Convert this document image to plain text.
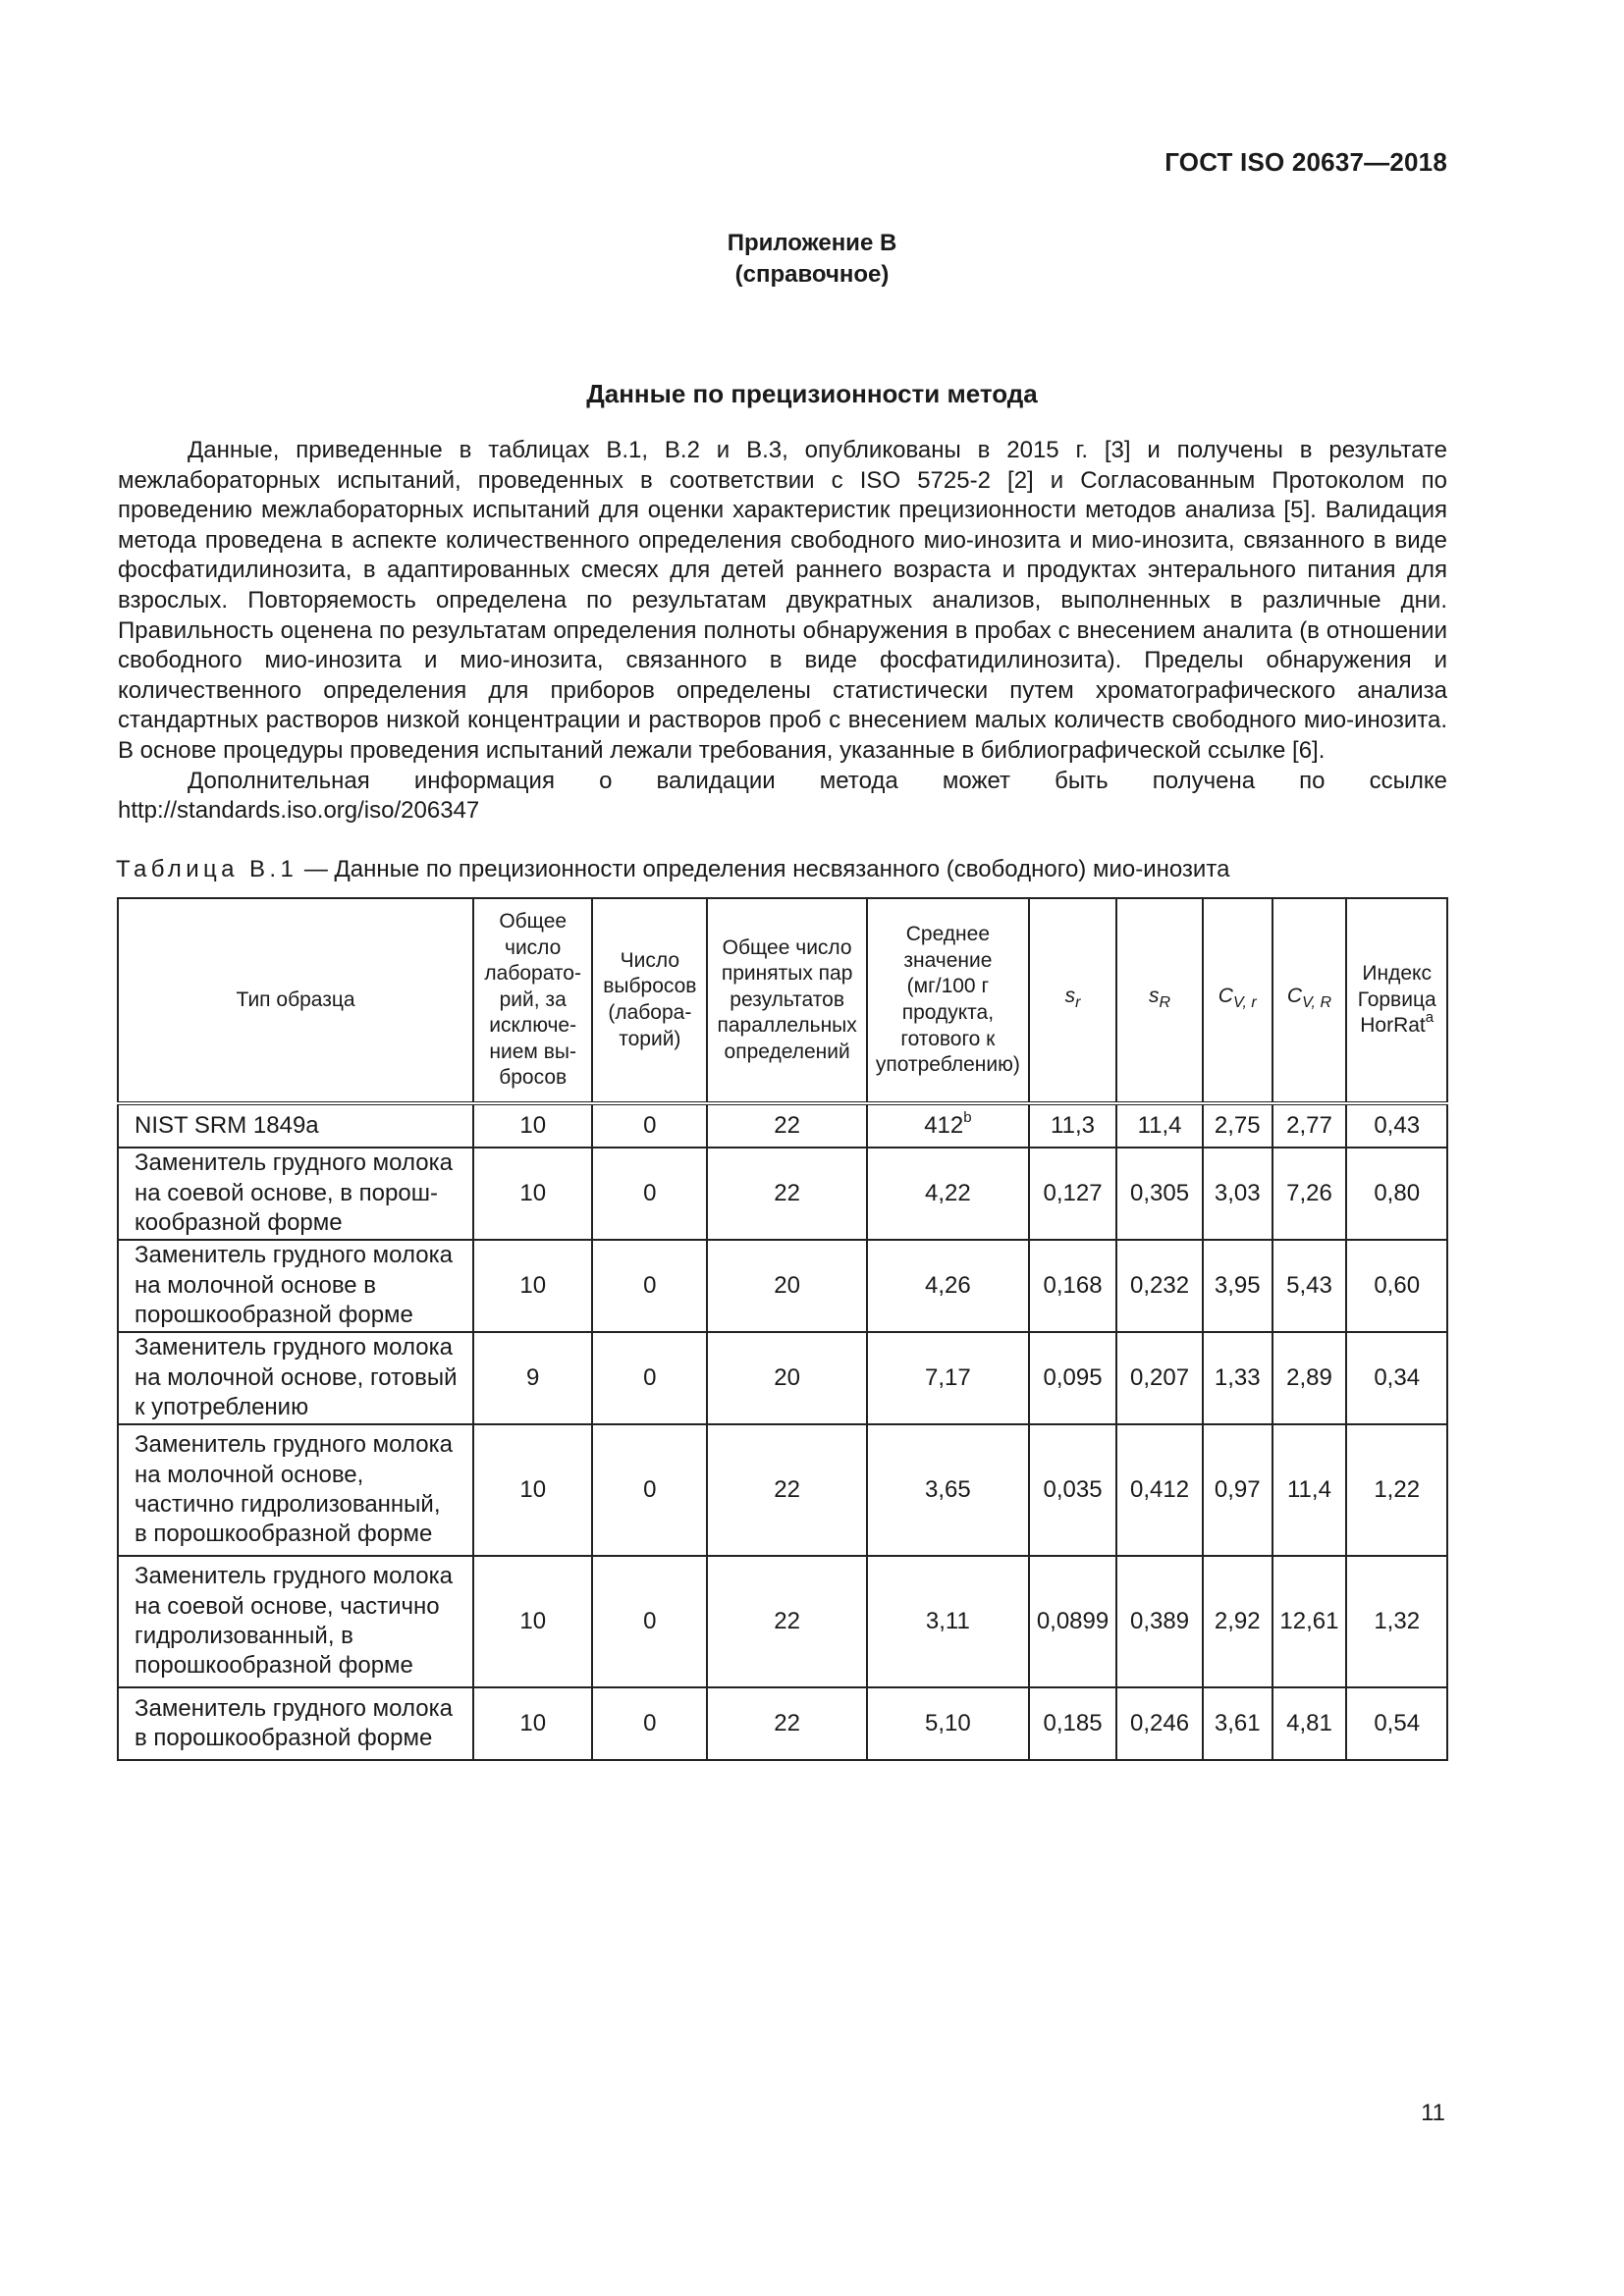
ГОСТ ISO 20637—2018
Приложение В
(справочное)
Данные по прецизионности метода

Данные, приведенные в таблицах В.1, В.2 и В.3, опубликованы в 2015 г. [3] и получены в результате межлабораторных испытаний, проведенных в соответствии с ISO 5725-2 [2] и Согласованным Протоколом по проведению межлабораторных испытаний для оценки характеристик прецизионности методов анализа [5]. Валидация метода проведена в аспекте количественного определения свободного мио-инозита и мио-инозита, связанного в виде фосфатидилинозита, в адаптированных смесях для детей раннего возраста и продуктах энтерального питания для взрослых. Повторяемость определена по результатам двукратных анализов, выполненных в различные дни. Правильность оценена по результатам определения полноты обнаружения в пробах с внесением аналита (в отношении свободного мио-инозита и мио-инозита, связанного в виде фосфатидилинозита). Пределы обнаружения и количественного определения для приборов определены статистически путем хроматографического анализа стандартных растворов низкой концентрации и растворов проб с внесением малых количеств свободного мио-инозита. В основе процедуры проведения испытаний лежали требования, указанные в библиографической ссылке [6].

Дополнительная информация о валидации метода может быть получена по ссылке http://standards.iso.org/iso/206347

Таблица В.1 — Данные по прецизионности определения несвязанного (свободного) мио-инозита
Тип образца	Общее число лабораторий, за исключением выбросов	Число выбросов (лабораторий)	Общее число принятых пар результатов параллельных определений	Среднее значение (мг/100 г продукта, готового к употреблению)	$s_r$	$s_R$	$C_{V, r}$	$C_{V, R}$	Индекс Горвица HorRat$^a$

NIST SRM 1849a	10	0	22	412$^b$	11,3	11,4	2,75	2,77	0,43
Заменитель грудного молока на соевой основе, в порошкообразной форме	10	0	22	4,22	0,127	0,305	3,03	7,26	0,80
Заменитель грудного молока на молочной основе в порошкообразной форме	10	0	20	4,26	0,168	0,232	3,95	5,43	0,60
Заменитель грудного молока на молочной основе, готовый к употреблению	9	0	20	7,17	0,095	0,207	1,33	2,89	0,34
Заменитель грудного молока на молочной основе, частично гидролизованный, в порошкообразной форме	10	0	22	3,65	0,035	0,412	0,97	11,4	1,22
Заменитель грудного молока на соевой основе, частично гидролизованный, в порошкообразной форме	10	0	22	3,11	0,0899	0,389	2,92	12,61	1,32
Заменитель грудного молока в порошкообразной форме	10	0	22	5,10	0,185	0,246	3,61	4,81	0,54
11
